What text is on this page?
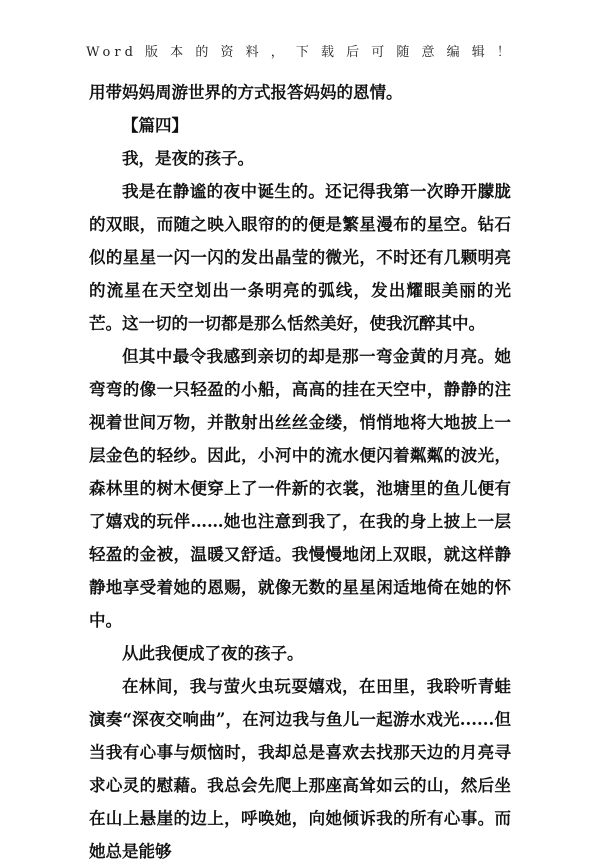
Word 版 本 的 资 料 ， 下 载 后 可 随 意 编 辑 ！

用带妈妈周游世界的方式报答妈妈的恩情。

【篇四】

我，是夜的孩子。

我是在静谧的夜中诞生的。还记得我第一次睁开朦胧的双眼，而随之映入眼帘的的便是繁星漫布的星空。钻石似的星星一闪一闪的发出晶莹的微光，不时还有几颗明亮的流星在天空划出一条明亮的弧线，发出耀眼美丽的光芒。这一切的一切都是那么恬然美好，使我沉醉其中。

但其中最令我感到亲切的却是那一弯金黄的月亮。她弯弯的像一只轻盈的小船，高高的挂在天空中，静静的注视着世间万物，并散射出丝丝金缕，悄悄地将大地披上一层金色的轻纱。因此，小河中的流水便闪着粼粼的波光，森林里的树木便穿上了一件新的衣裳，池塘里的鱼儿便有了嬉戏的玩伴……她也注意到我了，在我的身上披上一层轻盈的金被，温暖又舒适。我慢慢地闭上双眼，就这样静静地享受着她的恩赐，就像无数的星星闲适地倚在她的怀中。

从此我便成了夜的孩子。

在林间，我与萤火虫玩耍嬉戏，在田里，我聆听青蛙演奏“深夜交响曲”，在河边我与鱼儿一起游水戏光......但当我有心事与烦恼时，我却总是喜欢去找那天边的月亮寻求心灵的慰藉。我总会先爬上那座高耸如云的山，然后坐在山上悬崖的边上，呼唤她，向她倾诉我的所有心事。而她总是能够
